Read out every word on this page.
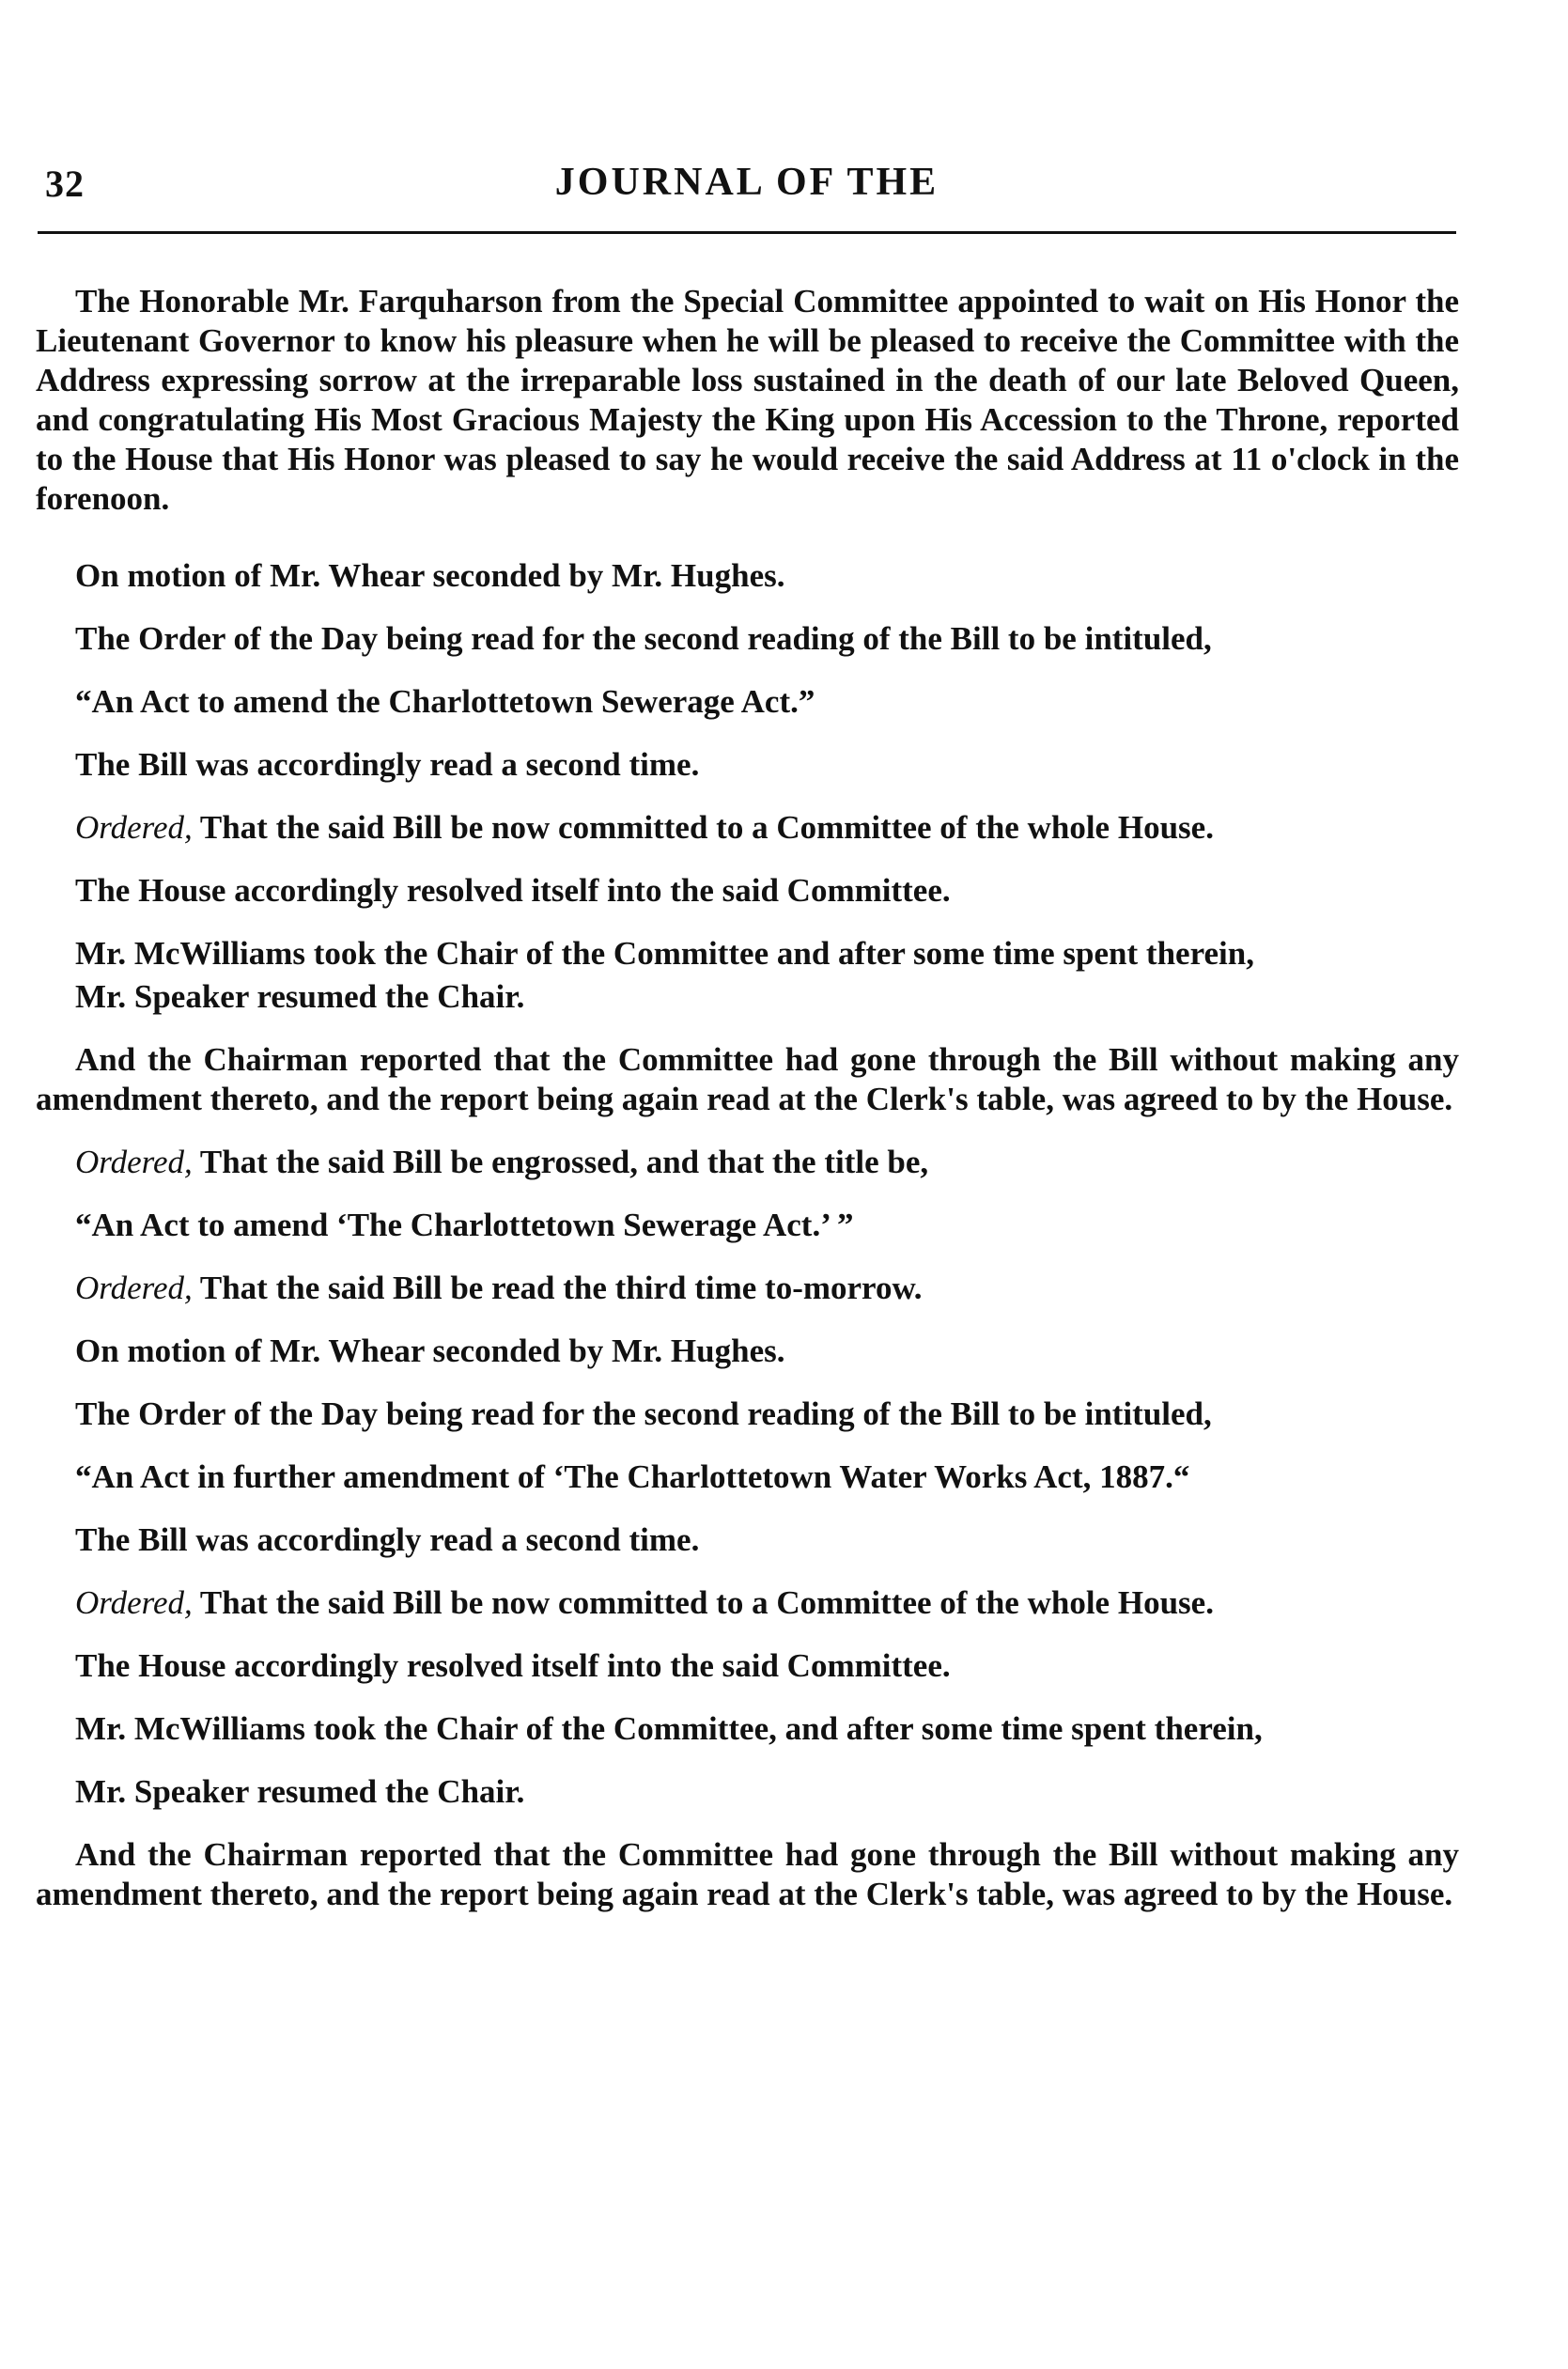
32	JOURNAL OF THE

The Honorable Mr. Farquharson from the Special Committee appointed to wait on His Honor the Lieutenant Governor to know his pleasure when he will be pleased to receive the Committee with the Address expressing sorrow at the irreparable loss sustained in the death of our late Beloved Queen, and congratulating His Most Gracious Majesty the King upon His Accession to the Throne, reported to the House that His Honor was pleased to say he would receive the said Address at 11 o'clock in the forenoon.

On motion of Mr. Whear seconded by Mr. Hughes.

The Order of the Day being read for the second reading of the Bill to be intituled,

“An Act to amend the Charlottetown Sewerage Act.”

The Bill was accordingly read a second time.

Ordered, That the said Bill be now committed to a Committee of the whole House.

The House accordingly resolved itself into the said Committee.

Mr. McWilliams took the Chair of the Committee and after some time spent therein,

Mr. Speaker resumed the Chair.

And the Chairman reported that the Committee had gone through the Bill without making any amendment thereto, and the report being again read at the Clerk's table, was agreed to by the House.

Ordered, That the said Bill be engrossed, and that the title be,

“An Act to amend ‘The Charlottetown Sewerage Act.’ ”

Ordered, That the said Bill be read the third time to-morrow.

On motion of Mr. Whear seconded by Mr. Hughes.

The Order of the Day being read for the second reading of the Bill to be intituled,

“An Act in further amendment of ‘The Charlottetown Water Works Act, 1887.“

The Bill was accordingly read a second time.

Ordered, That the said Bill be now committed to a Committee of the whole House.

The House accordingly resolved itself into the said Committee.

Mr. McWilliams took the Chair of the Committee, and after some time spent therein,

Mr. Speaker resumed the Chair.

And the Chairman reported that the Committee had gone through the Bill without making any amendment thereto, and the report being again read at the Clerk's table, was agreed to by the House.
